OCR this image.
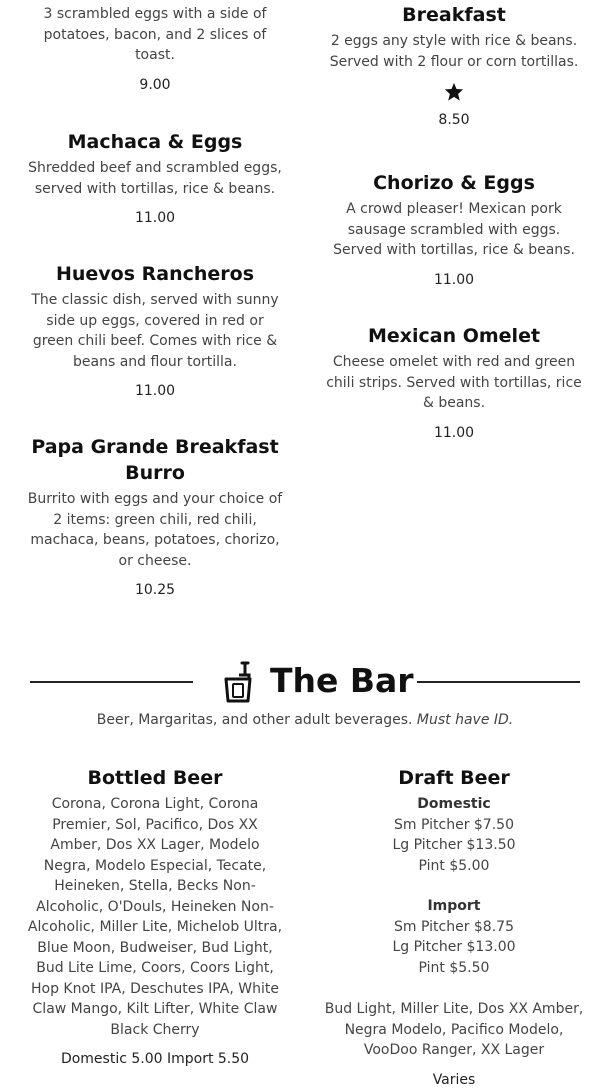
3 scrambled eggs with a side of potatoes, bacon, and 2 slices of toast.
9.00
Machaca & Eggs
Shredded beef and scrambled eggs, served with tortillas, rice & beans.
11.00
Huevos Rancheros
The classic dish, served with sunny side up eggs, covered in red or green chili beef. Comes with rice & beans and flour tortilla.
11.00
Papa Grande Breakfast Burro
Burrito with eggs and your choice of 2 items: green chili, red chili, machaca, beans, potatoes, chorizo, or cheese.
10.25
Breakfast
2 eggs any style with rice & beans. Served with 2 flour or corn tortillas.
8.50
Chorizo & Eggs
A crowd pleaser! Mexican pork sausage scrambled with eggs. Served with tortillas, rice & beans.
11.00
Mexican Omelet
Cheese omelet with red and green chili strips. Served with tortillas, rice & beans.
11.00
The Bar
Beer, Margaritas, and other adult beverages. Must have ID.
Bottled Beer
Corona, Corona Light, Corona Premier, Sol, Pacifico, Dos XX Amber, Dos XX Lager, Modelo Negra, Modelo Especial, Tecate, Heineken, Stella, Becks Non-Alcoholic, O'Douls, Heineken Non-Alcoholic, Miller Lite, Michelob Ultra, Blue Moon, Budweiser, Bud Light, Bud Lite Lime, Coors, Coors Light, Hop Knot IPA, Deschutes IPA, White Claw Mango, Kilt Lifter, White Claw Black Cherry
Domestic 5.00 Import 5.50
Draft Beer
Domestic
Sm Pitcher $7.50
Lg Pitcher $13.50
Pint $5.00
Import
Sm Pitcher $8.75
Lg Pitcher $13.00
Pint $5.50
Bud Light, Miller Lite, Dos XX Amber, Negra Modelo, Pacifico Modelo, VooDoo Ranger, XX Lager
Varies
